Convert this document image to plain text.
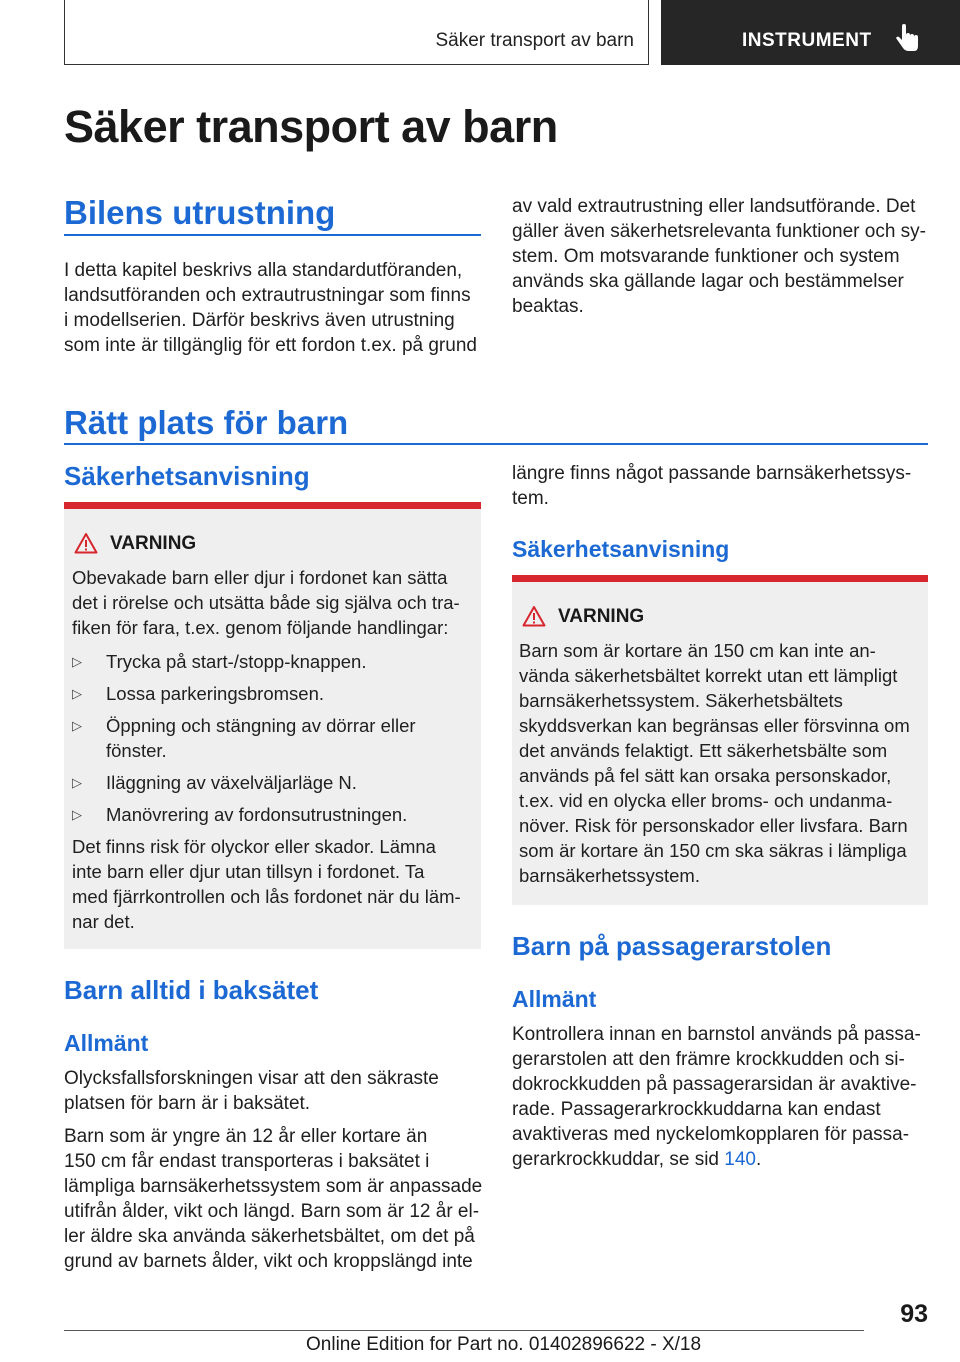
Säker transport av barn	INSTRUMENT
Säker transport av barn
Bilens utrustning
I detta kapitel beskrivs alla standardutföranden,
landsutföranden och extrautrustningar som finns
i modellserien. Därför beskrivs även utrustning
som inte är tillgänglig för ett fordon t.ex. på grund
av vald extrautrustning eller landsutförande. Det
gäller även säkerhetsrelevanta funktioner och sy-
stem. Om motsvarande funktioner och system
används ska gällande lagar och bestämmelser
beaktas.
Rätt plats för barn
Säkerhetsanvisning
VARNING
Obevakade barn eller djur i fordonet kan sätta
det i rörelse och utsätta både sig själva och tra-
fiken för fara, t.ex. genom följande handlingar:
▷ Trycka på start-/stopp-knappen.
▷ Lossa parkeringsbromsen.
▷ Öppning och stängning av dörrar eller
fönster.
▷ Iläggning av växelväljarläge N.
▷ Manövrering av fordonsutrustningen.
Det finns risk för olyckor eller skador. Lämna
inte barn eller djur utan tillsyn i fordonet. Ta
med fjärrkontrollen och lås fordonet när du läm-
nar det.
Barn alltid i baksätet
Allmänt
Olycksfallsforskningen visar att den säkraste
platsen för barn är i baksätet.
Barn som är yngre än 12 år eller kortare än
150 cm får endast transporteras i baksätet i
lämpliga barnsäkerhetssystem som är anpassade
utifrån ålder, vikt och längd. Barn som är 12 år el-
ler äldre ska använda säkerhetsbältet, om det på
grund av barnets ålder, vikt och kroppslängd inte
längre finns något passande barnsäkerhetssys-
tem.
Säkerhetsanvisning
VARNING
Barn som är kortare än 150 cm kan inte an-
vända säkerhetsbältet korrekt utan ett lämpligt
barnsäkerhetssystem. Säkerhetsbältets
skyddsverkan kan begränsas eller försvinna om
det används felaktigt. Ett säkerhetsbälte som
används på fel sätt kan orsaka personskador,
t.ex. vid en olycka eller broms- och undanma-
növer. Risk för personskador eller livsfara. Barn
som är kortare än 150 cm ska säkras i lämpliga
barnsäkerhetssystem.
Barn på passagerarstolen
Allmänt
Kontrollera innan en barnstol används på passa-
gerarstolen att den främre krockkudden och si-
dokrockkudden på passagerarsidan är avaktive-
rade. Passagerarkrockkuddarna kan endast
avaktiveras med nyckelomkopplaren för passa-
gerarkrockkuddar, se sid 140.
93
Online Edition for Part no. 01402896622 - X/18
